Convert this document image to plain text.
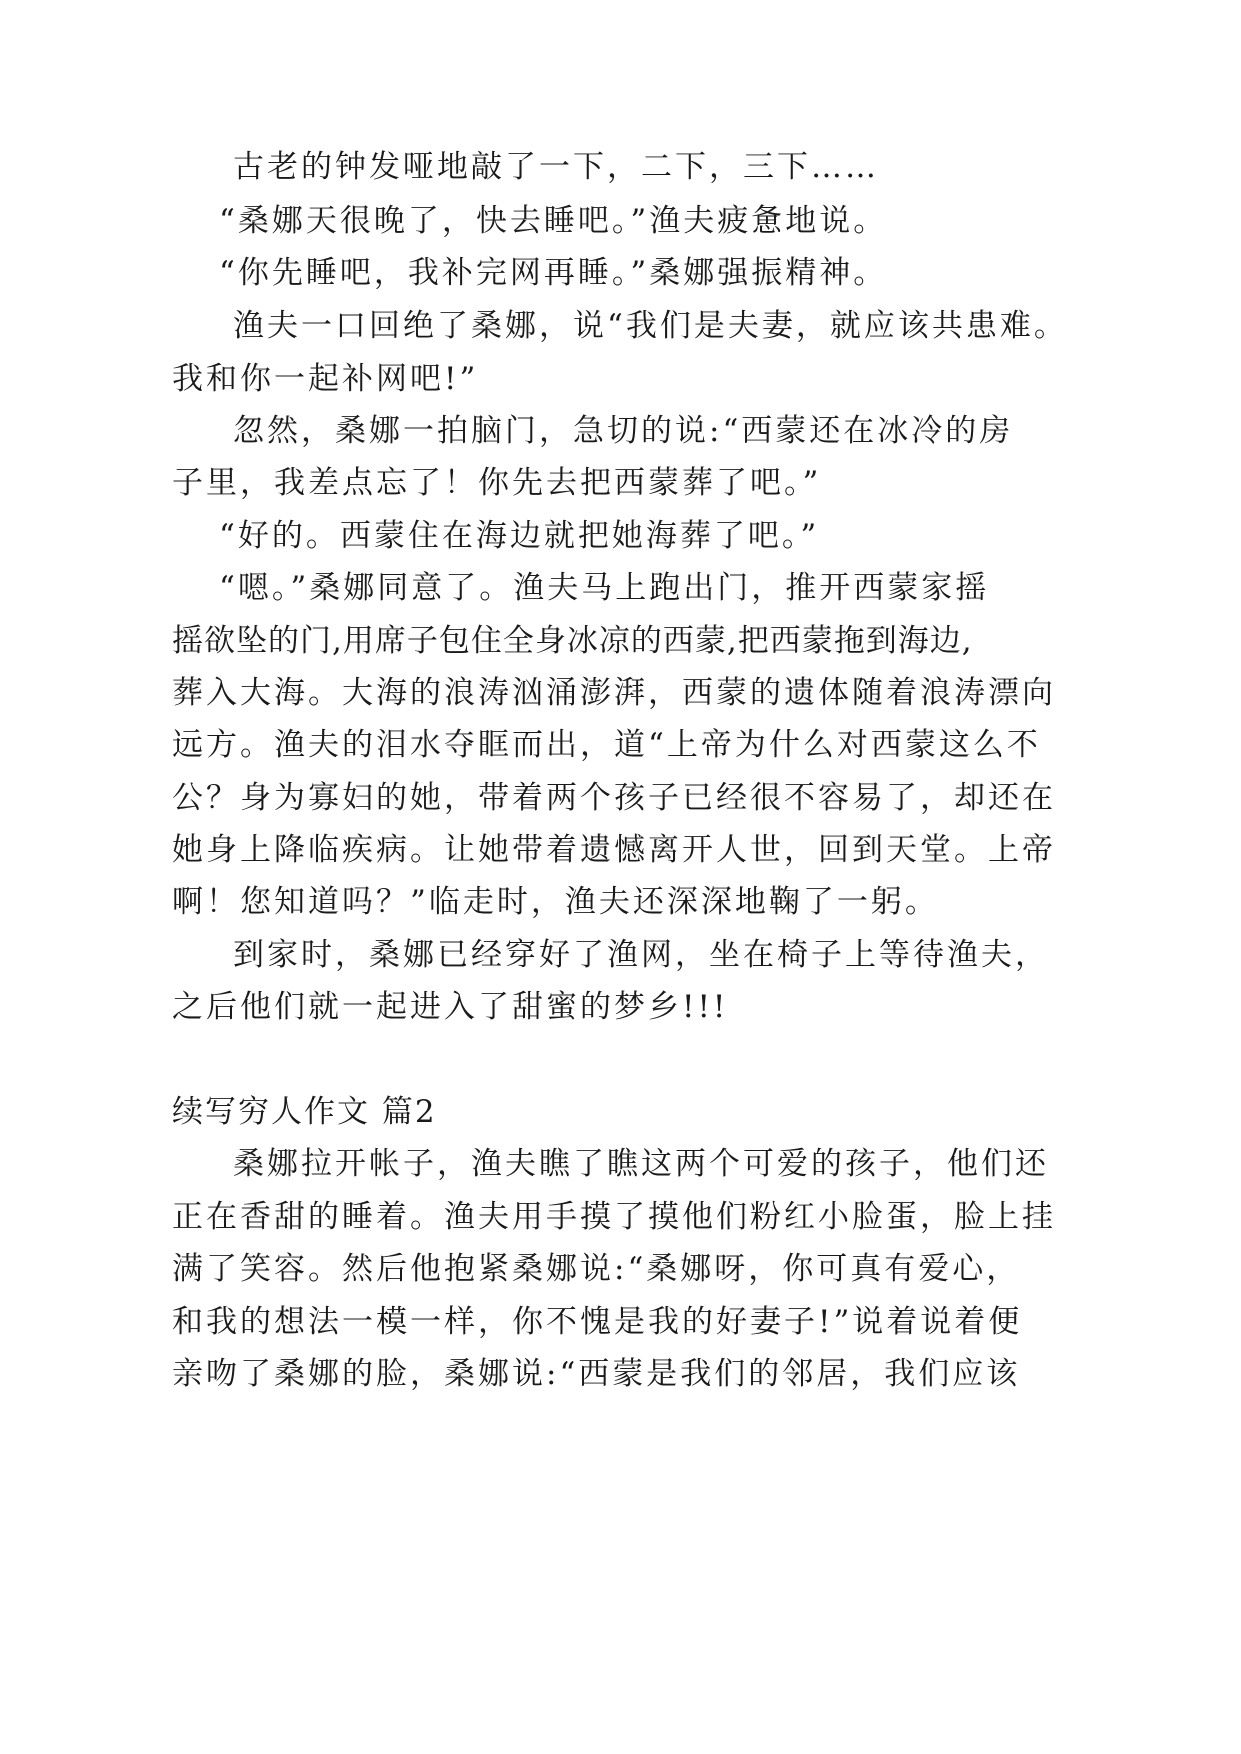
古老的钟发哑地敲了一下，二下，三下……
“桑娜天很晚了，快去睡吧。”渔夫疲惫地说。
“你先睡吧，我补完网再睡。”桑娜强振精神。
渔夫一口回绝了桑娜，说“我们是夫妻，就应该共患难。
我和你一起补网吧!”
忽然，桑娜一拍脑门，急切的说:“西蒙还在冰冷的房
子里，我差点忘了！你先去把西蒙葬了吧。”
“好的。西蒙住在海边就把她海葬了吧。”
“嗯。”桑娜同意了。渔夫马上跑出门，推开西蒙家摇
摇欲坠的门,用席子包住全身冰凉的西蒙,把西蒙拖到海边,
葬入大海。大海的浪涛汹涌澎湃，西蒙的遗体随着浪涛漂向
远方。渔夫的泪水夺眶而出，道“上帝为什么对西蒙这么不
公？身为寡妇的她，带着两个孩子已经很不容易了，却还在
她身上降临疾病。让她带着遗憾离开人世，回到天堂。上帝
啊！您知道吗？”临走时，渔夫还深深地鞠了一躬。
到家时，桑娜已经穿好了渔网，坐在椅子上等待渔夫，
之后他们就一起进入了甜蜜的梦乡!!!
续写穷人作文 篇2
桑娜拉开帐子，渔夫瞧了瞧这两个可爱的孩子，他们还
正在香甜的睡着。渔夫用手摸了摸他们粉红小脸蛋，脸上挂
满了笑容。然后他抱紧桑娜说:“桑娜呀，你可真有爱心，
和我的想法一模一样，你不愧是我的好妻子!”说着说着便
亲吻了桑娜的脸，桑娜说:“西蒙是我们的邻居，我们应该
